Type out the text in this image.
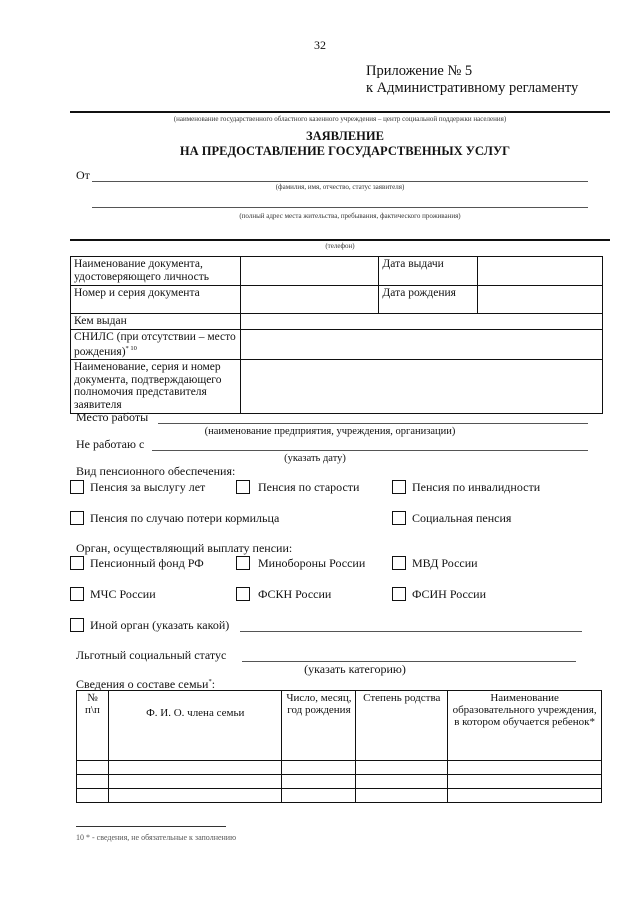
32
Приложение № 5
к Административному регламенту
(наименование государственного областного казенного учреждения – центр социальной поддержки населения)
ЗАЯВЛЕНИЕ
НА ПРЕДОСТАВЛЕНИЕ ГОСУДАРСТВЕННЫХ УСЛУГ
От
(фамилия, имя, отчество, статус заявителя)
(полный адрес места жительства, пребывания, фактического проживания)
(телефон)
Наименование документа, удостоверяющего личность		Дата выдачи	
Номер и серия документа		Дата рождения	
Кем выдан			
СНИЛС (при отсутствии – место рождения)$^{* 10}$	
Наименование, серия и номер документа, подтверждающего полномочия представителя заявителя			
Место работы
(наименование предприятия, учреждения, организации)
Не работаю с
(указать дату)
Вид пенсионного обеспечения:
Пенсия за выслугу лет	Пенсия по старости	Пенсия по инвалидности
Пенсия по случаю потери кормильца	Социальная пенсия
Орган, осуществляющий выплату пенсии:
Пенсионный фонд РФ	Минобороны России	МВД России
МЧС России	ФСКН России	ФСИН России
Иной орган (указать какой)
Льготный социальный статус
(указать категорию)
Сведения о составе семьи*:
№ п\п	Ф. И. О. члена семьи	Число, месяц, год рождения	Степень родства	Наименование образовательного учреждения, в котором обучается ребенок*

10 * - сведения, не обязательные к заполнению
